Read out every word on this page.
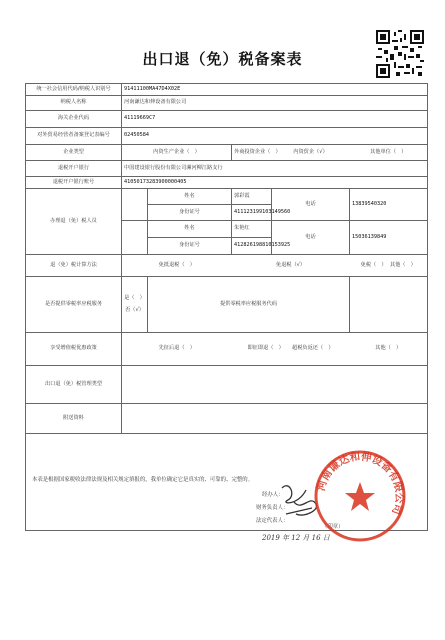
出口退（免）税备案表
统一社会信用代码/纳税人识别号	91411100MA47D4X02E				
纳税人名称	河南谦达和伸设备有限公司				
海关企业代码	41119669C7				
对外贸易经营者备案登记表编号	02450584				
企业类型	内资生产企业（　）		外商投资企业（　）	内资贸企（√）	其他单位（　）
退税开户银行	中国建设银行股份有限公司漯河柳江路支行				
退税开户银行账号	41050173283900000405				
办理退（免）税人员		姓名	郭彩霞	电话	13839540320
		身份证号	411123199103149560		
		姓名	朱艳红	电话	15036139849
		身份证号	412826198810153925		
退（免）税计算方法	免抵退税（　）		免退税（√）		免税（　） 其他（　）
是否提供零税率应税服务	是（　）
否（√）	提供零税率应税服务代码			
享受增值税优惠政策	先征后退（　）		即征即退（　） 超税负返还（　）		其他（　）
出口退（免）税管理类型					
附送资料					

本表是根据国家税收法律法规及相关规定填报的，我单位确定它是真实的、可靠的、完整的。
经办人：
财务负责人：
法定代表人：
（印章）
2019 年 12 月 16 日
河南谦达和伸设备有限公司
